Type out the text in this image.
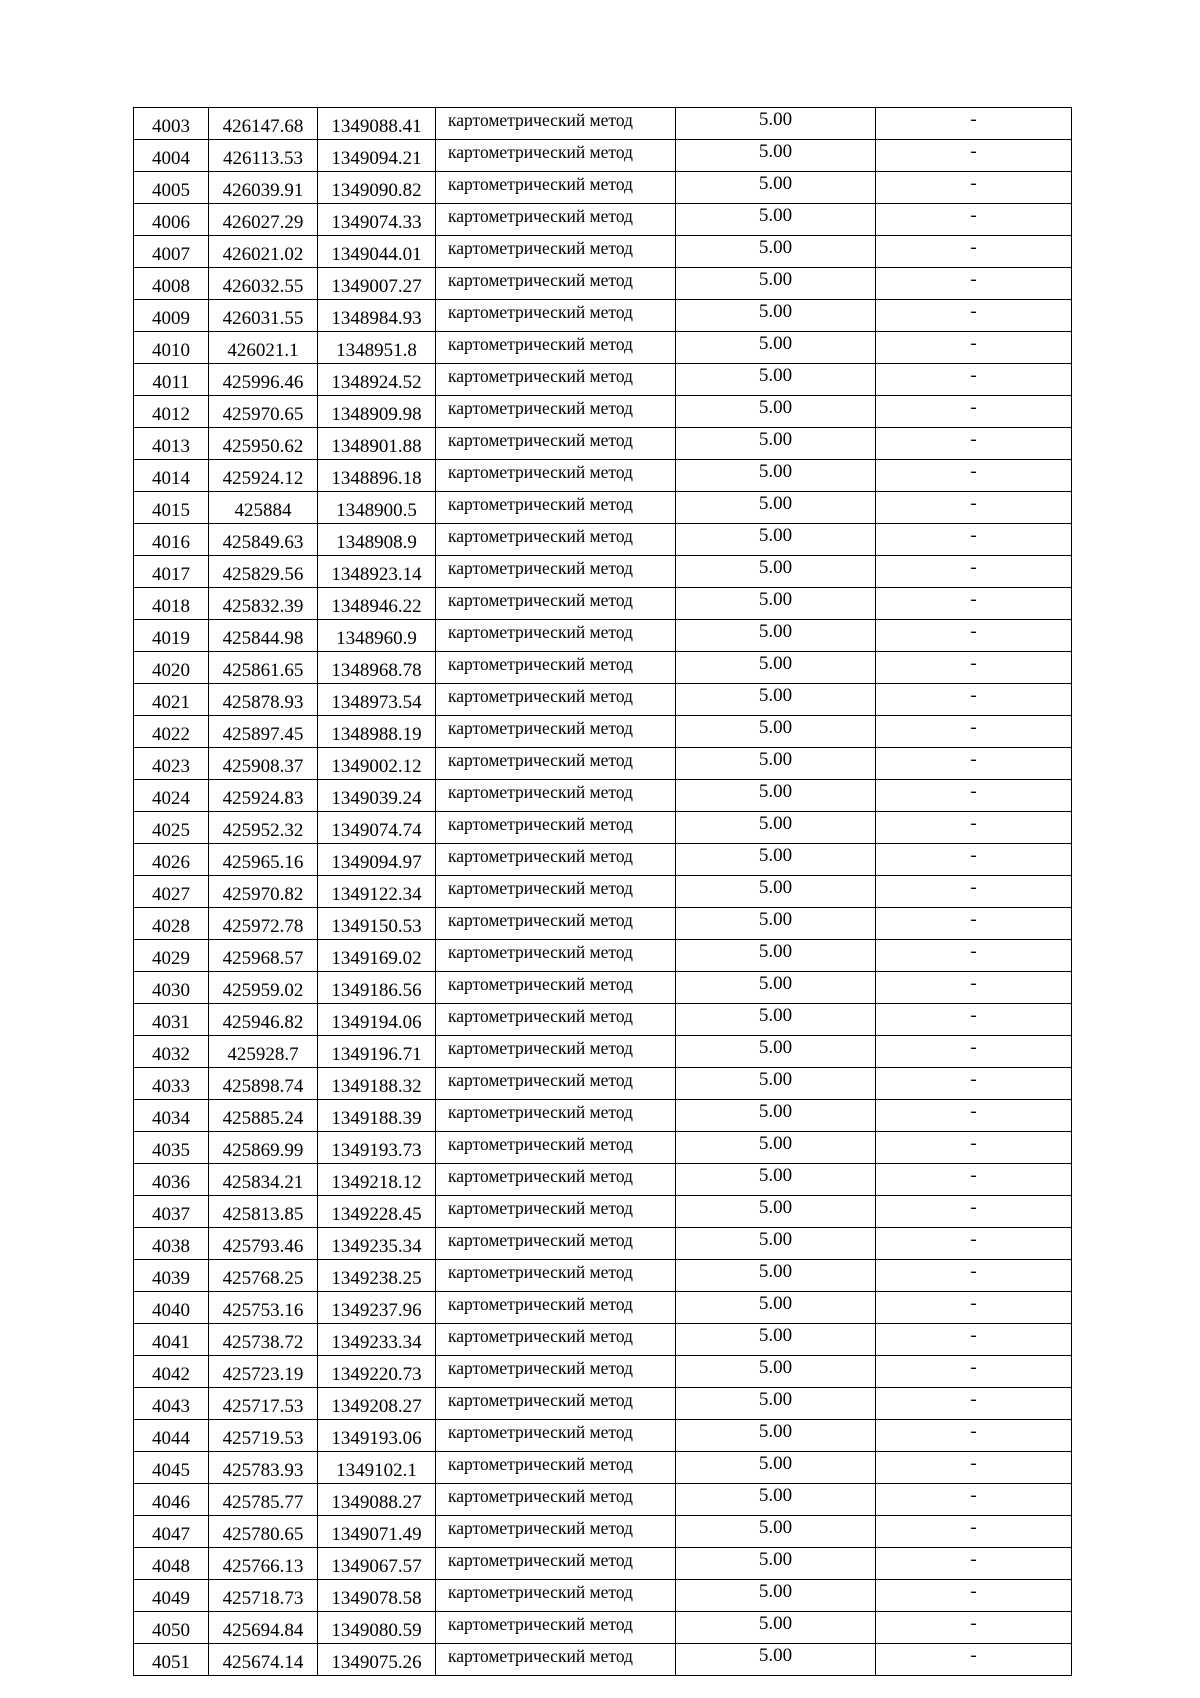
4003	426147.68	1349088.41	картометрический метод	5.00	-
4004	426113.53	1349094.21	картометрический метод	5.00	-
4005	426039.91	1349090.82	картометрический метод	5.00	-
4006	426027.29	1349074.33	картометрический метод	5.00	-
4007	426021.02	1349044.01	картометрический метод	5.00	-
4008	426032.55	1349007.27	картометрический метод	5.00	-
4009	426031.55	1348984.93	картометрический метод	5.00	-
4010	426021.1	1348951.8	картометрический метод	5.00	-
4011	425996.46	1348924.52	картометрический метод	5.00	-
4012	425970.65	1348909.98	картометрический метод	5.00	-
4013	425950.62	1348901.88	картометрический метод	5.00	-
4014	425924.12	1348896.18	картометрический метод	5.00	-
4015	425884	1348900.5	картометрический метод	5.00	-
4016	425849.63	1348908.9	картометрический метод	5.00	-
4017	425829.56	1348923.14	картометрический метод	5.00	-
4018	425832.39	1348946.22	картометрический метод	5.00	-
4019	425844.98	1348960.9	картометрический метод	5.00	-
4020	425861.65	1348968.78	картометрический метод	5.00	-
4021	425878.93	1348973.54	картометрический метод	5.00	-
4022	425897.45	1348988.19	картометрический метод	5.00	-
4023	425908.37	1349002.12	картометрический метод	5.00	-
4024	425924.83	1349039.24	картометрический метод	5.00	-
4025	425952.32	1349074.74	картометрический метод	5.00	-
4026	425965.16	1349094.97	картометрический метод	5.00	-
4027	425970.82	1349122.34	картометрический метод	5.00	-
4028	425972.78	1349150.53	картометрический метод	5.00	-
4029	425968.57	1349169.02	картометрический метод	5.00	-
4030	425959.02	1349186.56	картометрический метод	5.00	-
4031	425946.82	1349194.06	картометрический метод	5.00	-
4032	425928.7	1349196.71	картометрический метод	5.00	-
4033	425898.74	1349188.32	картометрический метод	5.00	-
4034	425885.24	1349188.39	картометрический метод	5.00	-
4035	425869.99	1349193.73	картометрический метод	5.00	-
4036	425834.21	1349218.12	картометрический метод	5.00	-
4037	425813.85	1349228.45	картометрический метод	5.00	-
4038	425793.46	1349235.34	картометрический метод	5.00	-
4039	425768.25	1349238.25	картометрический метод	5.00	-
4040	425753.16	1349237.96	картометрический метод	5.00	-
4041	425738.72	1349233.34	картометрический метод	5.00	-
4042	425723.19	1349220.73	картометрический метод	5.00	-
4043	425717.53	1349208.27	картометрический метод	5.00	-
4044	425719.53	1349193.06	картометрический метод	5.00	-
4045	425783.93	1349102.1	картометрический метод	5.00	-
4046	425785.77	1349088.27	картометрический метод	5.00	-
4047	425780.65	1349071.49	картометрический метод	5.00	-
4048	425766.13	1349067.57	картометрический метод	5.00	-
4049	425718.73	1349078.58	картометрический метод	5.00	-
4050	425694.84	1349080.59	картометрический метод	5.00	-
4051	425674.14	1349075.26	картометрический метод	5.00	-
